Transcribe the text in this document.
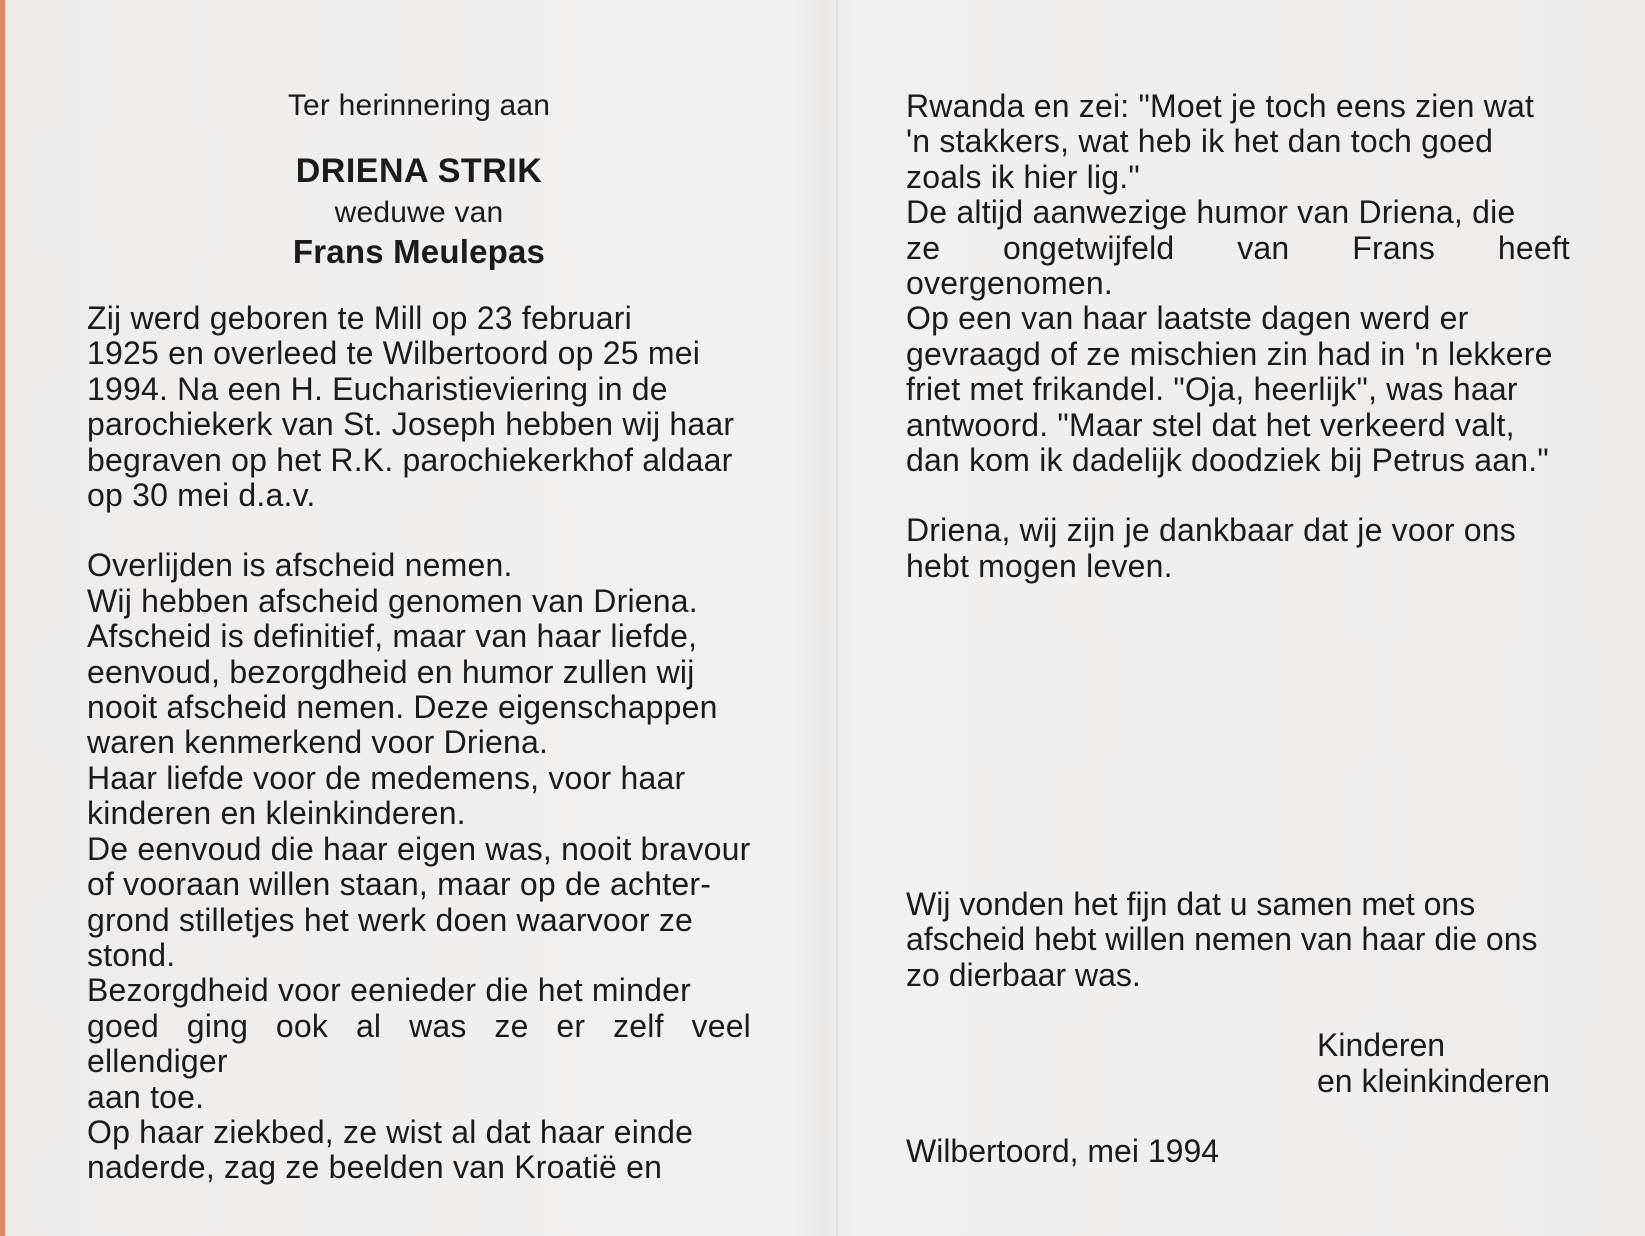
Ter herinnering aan
DRIENA STRIK
weduwe van
Frans Meulepas

Zij werd geboren te Mill op 23 februari

1925 en overleed te Wilbertoord op 25 mei

1994. Na een H. Eucharistieviering in de

parochiekerk van St. Joseph hebben wij haar

begraven op het R.K. parochiekerkhof aldaar

op 30 mei d.a.v.

Overlijden is afscheid nemen.

Wij hebben afscheid genomen van Driena.

Afscheid is definitief, maar van haar liefde,

eenvoud, bezorgdheid en humor zullen wij

nooit afscheid nemen. Deze eigenschappen

waren kenmerkend voor Driena.

Haar liefde voor de medemens, voor haar

kinderen en kleinkinderen.

De eenvoud die haar eigen was, nooit bravour

of vooraan willen staan, maar op de achter-

grond stilletjes het werk doen waarvoor ze

stond.

Bezorgdheid voor eenieder die het minder

goed ging ook al was ze er zelf veel ellendiger

aan toe.

Op haar ziekbed, ze wist al dat haar einde

naderde, zag ze beelden van Kroatië en

Rwanda en zei: "Moet je toch eens zien wat

'n stakkers, wat heb ik het dan toch goed

zoals ik hier lig."

De altijd aanwezige humor van Driena, die

ze ongetwijfeld van Frans heeft overgenomen.

Op een van haar laatste dagen werd er

gevraagd of ze mischien zin had in 'n lekkere

friet met frikandel. "Oja, heerlijk", was haar

antwoord. "Maar stel dat het verkeerd valt,

dan kom ik dadelijk doodziek bij Petrus aan."

Driena, wij zijn je dankbaar dat je voor ons

hebt mogen leven.

Wij vonden het fijn dat u samen met ons

afscheid hebt willen nemen van haar die ons

zo dierbaar was.

Kinderen
en kleinkinderen
Wilbertoord, mei 1994
